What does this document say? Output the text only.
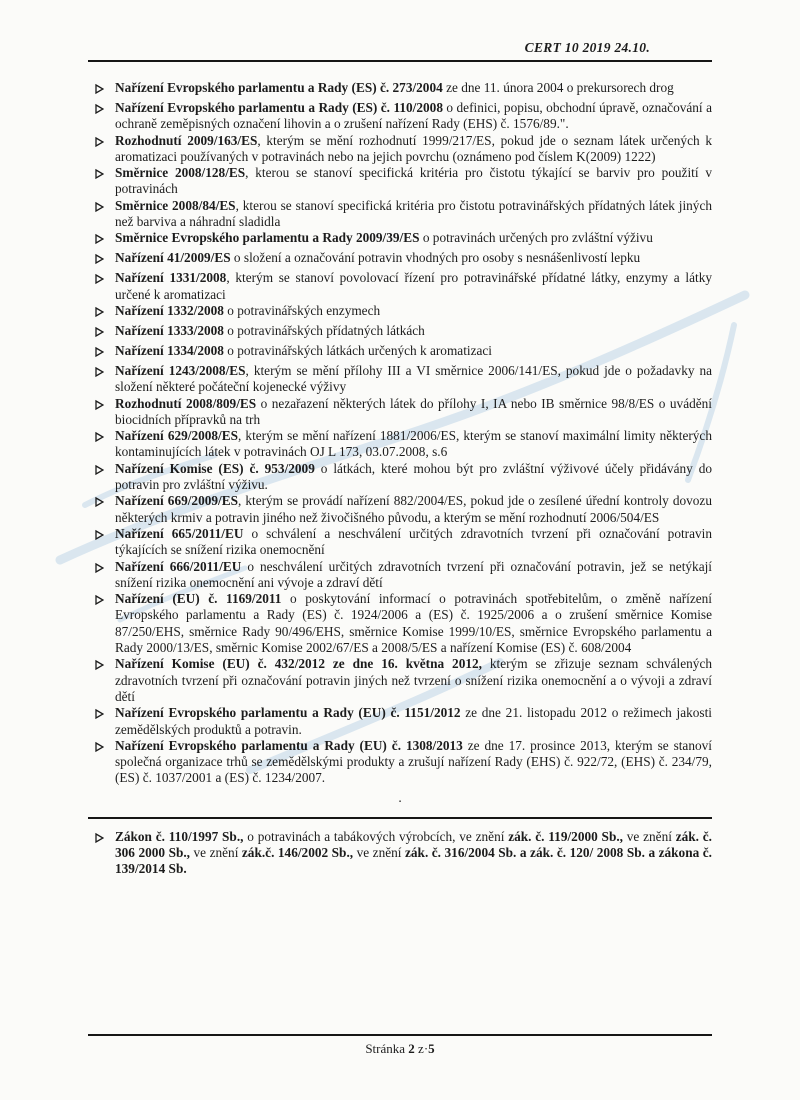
CERT 10 2019 24.10.
Nařízení Evropského parlamentu a Rady (ES) č. 273/2004 ze dne 11. února 2004 o prekursorech drog
Nařízení Evropského parlamentu a Rady (ES) č. 110/2008 o definici, popisu, obchodní úpravě, označování a ochraně zeměpisných označení lihovin a o zrušení nařízení Rady (EHS) č. 1576/89.".
Rozhodnutí 2009/163/ES, kterým se mění rozhodnutí 1999/217/ES, pokud jde o seznam látek určených k aromatizaci používaných v potravinách nebo na jejich povrchu (oznámeno pod číslem K(2009) 1222)
Směrnice 2008/128/ES, kterou se stanoví specifická kritéria pro čistotu týkající se barviv pro použití v potravinách
Směrnice 2008/84/ES, kterou se stanoví specifická kritéria pro čistotu potravinářských přídatných látek jiných než barviva a náhradní sladidla
Směrnice Evropského parlamentu a Rady 2009/39/ES o potravinách určených pro zvláštní výživu
Nařízení 41/2009/ES o složení a označování potravin vhodných pro osoby s nesnášenlivostí lepku
Nařízení 1331/2008, kterým se stanoví povolovací řízení pro potravinářské přídatné látky, enzymy a látky určené k aromatizaci
Nařízení 1332/2008 o potravinářských enzymech
Nařízení 1333/2008 o potravinářských přídatných látkách
Nařízení 1334/2008 o potravinářských látkách určených k aromatizaci
Nařízení 1243/2008/ES, kterým se mění přílohy III a VI směrnice 2006/141/ES, pokud jde o požadavky na složení některé počáteční kojenecké výživy
Rozhodnutí 2008/809/ES o nezařazení některých látek do přílohy I, IA nebo IB směrnice 98/8/ES o uvádění biocidních přípravků na trh
Nařízení 629/2008/ES, kterým se mění nařízení 1881/2006/ES, kterým se stanoví maximální limity některých kontaminujících látek v potravinách OJ L 173, 03.07.2008, s.6
Nařízení Komise (ES) č. 953/2009 o látkách, které mohou být pro zvláštní výživové účely přidávány do potravin pro zvláštní výživu.
Nařízení 669/2009/ES, kterým se provádí nařízení 882/2004/ES, pokud jde o zesílené úřední kontroly dovozu některých krmiv a potravin jiného než živočišného původu, a kterým se mění rozhodnutí 2006/504/ES
Nařízení 665/2011/EU o schválení a neschválení určitých zdravotních tvrzení při označování potravin týkajících se snížení rizika onemocnění
Nařízení 666/2011/EU o neschválení určitých zdravotních tvrzení při označování potravin, jež se netýkají snížení rizika onemocnění ani vývoje a zdraví dětí
Nařízení (EU) č. 1169/2011 o poskytování informací o potravinách spotřebitelům, o změně nařízení Evropského parlamentu a Rady (ES) č. 1924/2006 a (ES) č. 1925/2006 a o zrušení směrnice Komise 87/250/EHS, směrnice Rady 90/496/EHS, směrnice Komise 1999/10/ES, směrnice Evropského parlamentu a Rady 2000/13/ES, směrnic Komise 2002/67/ES a 2008/5/ES a nařízení Komise (ES) č. 608/2004
Nařízení Komise (EU) č. 432/2012 ze dne 16. května 2012, kterým se zřizuje seznam schválených zdravotních tvrzení při označování potravin jiných než tvrzení o snížení rizika onemocnění a o vývoji a zdraví dětí
Nařízení Evropského parlamentu a Rady (EU) č. 1151/2012 ze dne 21. listopadu 2012 o režimech jakosti zemědělských produktů a potravin.
Nařízení Evropského parlamentu a Rady (EU) č. 1308/2013 ze dne 17. prosince 2013, kterým se stanoví společná organizace trhů se zemědělskými produkty a zrušují nařízení Rady (EHS) č. 922/72, (EHS) č. 234/79, (ES) č. 1037/2001 a (ES) č. 1234/2007.
.
Zákon č. 110/1997 Sb., o potravinách a tabákových výrobcích, ve znění zák. č. 119/2000 Sb., ve znění zák. č. 306 2000 Sb., ve znění zák.č. 146/2002 Sb., ve znění zák. č. 316/2004 Sb. a zák. č. 120/ 2008 Sb. a zákona č. 139/2014 Sb.
Stránka 2 z·5
